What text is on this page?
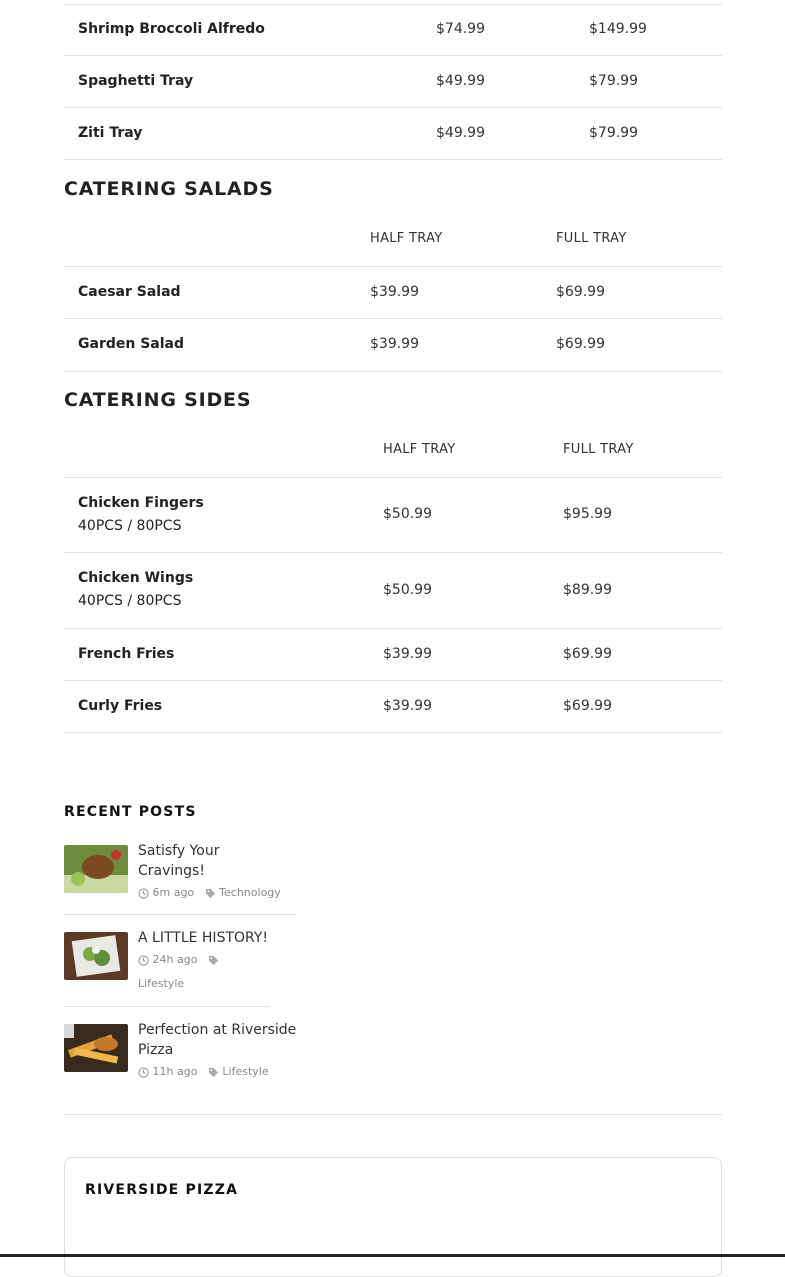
Shrimp Broccoli Alfredo	$74.99	$149.99
Spaghetti Tray	$49.99	$79.99
Ziti Tray	$49.99	$79.99
CATERING SALADS
HALF TRAY	FULL TRAY
Caesar Salad	$39.99	$69.99
Garden Salad	$39.99	$69.99
CATERING SIDES
HALF TRAY	FULL TRAY
Chicken Fingers
40PCS / 80PCS
$50.99	$95.99
Chicken Wings
40PCS / 80PCS
$50.99	$89.99
French Fries	$39.99	$69.99
Curly Fries	$39.99	$69.99
RECENT POSTS
Satisfy Your
Cravings!
6m ago Technology
A LITTLE HISTORY!
24h ago
Lifestyle
Perfection at Riverside
Pizza
11h ago Lifestyle
RIVERSIDE PIZZA
